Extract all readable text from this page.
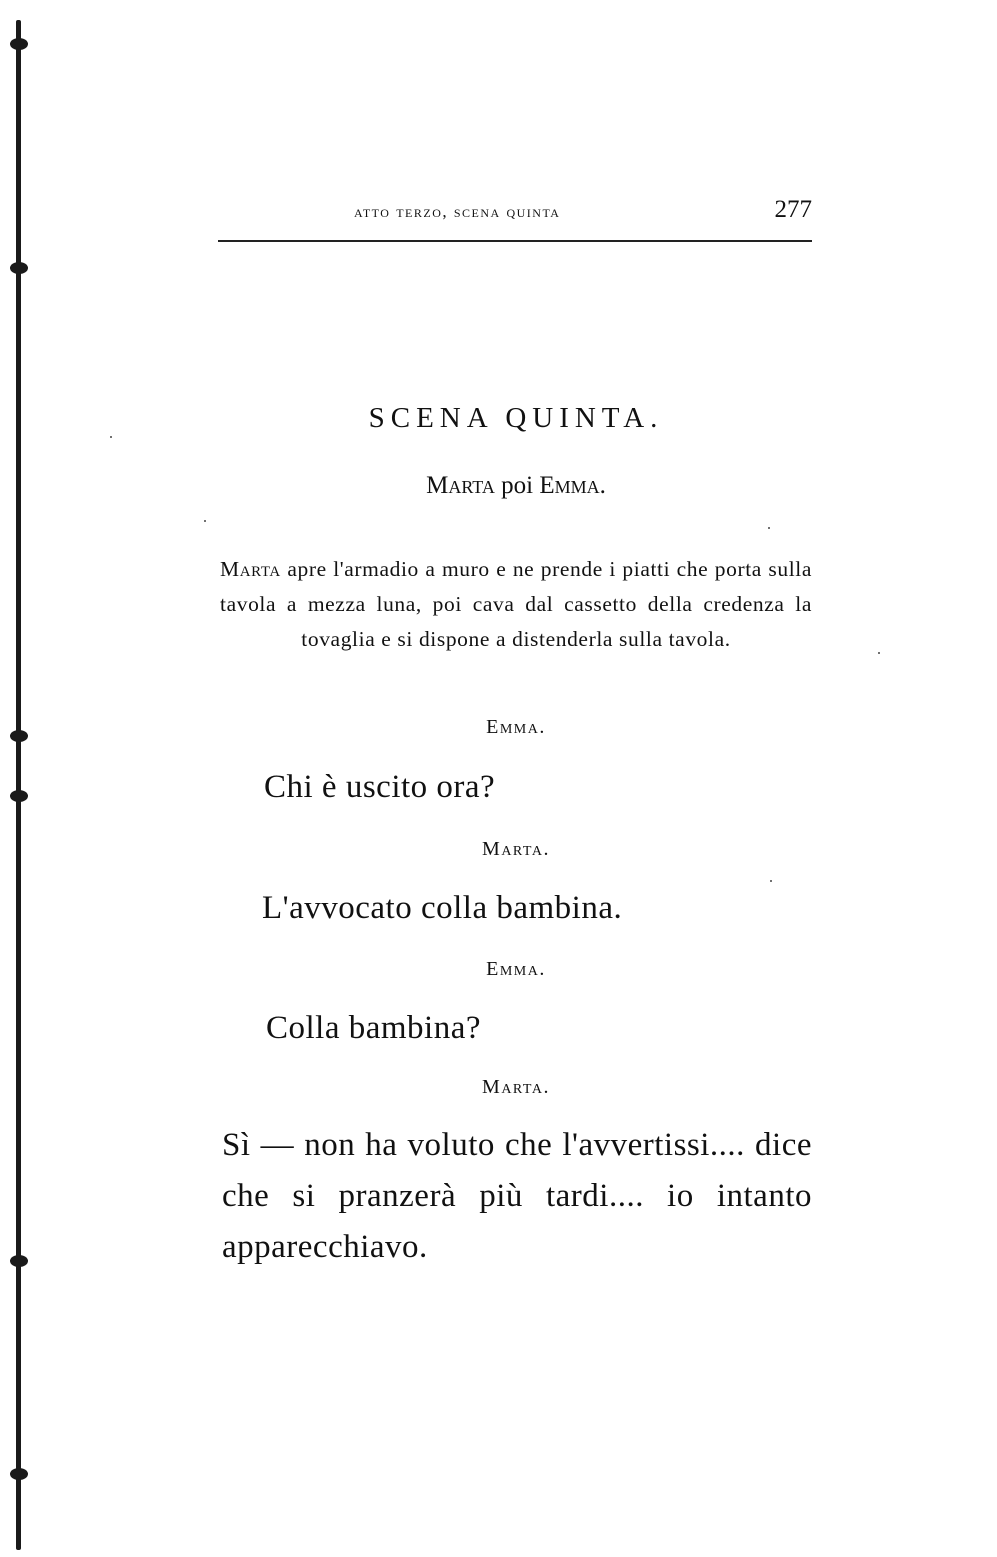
atto terzo, scena quinta	277
SCENA QUINTA.
Marta poi Emma.
Marta apre l'armadio a muro e ne prende i piatti che porta sulla tavola a mezza luna, poi cava dal cassetto della credenza la tovaglia e si dispone a distenderla sulla tavola.
Emma.
Chi è uscito ora?
Marta.
L'avvocato colla bambina.
Emma.
Colla bambina?
Marta.
Sì — non ha voluto che l'avvertissi.... dice che si pranzerà più tardi.... io intanto apparecchiavo.
